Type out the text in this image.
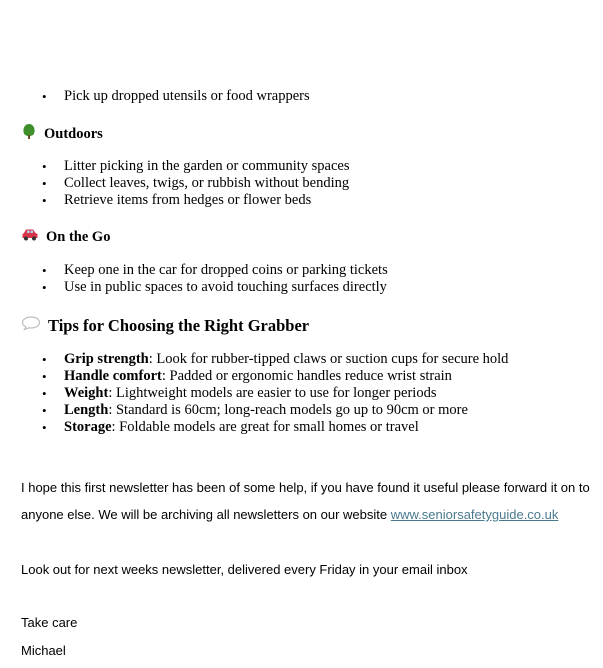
• Pick up dropped utensils or food wrappers
Outdoors
• Litter picking in the garden or community spaces
• Collect leaves, twigs, or rubbish without bending
• Retrieve items from hedges or flower beds
On the Go
• Keep one in the car for dropped coins or parking tickets
• Use in public spaces to avoid touching surfaces directly
Tips for Choosing the Right Grabber
• Grip strength: Look for rubber-tipped claws or suction cups for secure hold
• Handle comfort: Padded or ergonomic handles reduce wrist strain
• Weight: Lightweight models are easier to use for longer periods
• Length: Standard is 60cm; long-reach models go up to 90cm or more
• Storage: Foldable models are great for small homes or travel
I hope this first newsletter has been of some help, if you have found it useful please forward it on to
anyone else. We will be archiving all newsletters on our website www.seniorsafetyguide.co.uk
Look out for next weeks newsletter, delivered every Friday in your email inbox
Take care
Michael
